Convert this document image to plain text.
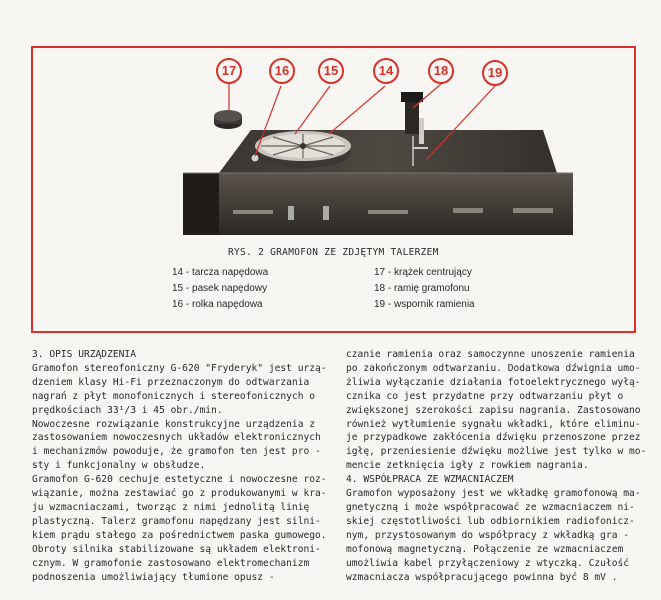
17	16	15	14	18	19
RYS. 2 GRAMOFON ZE ZDJĘTYM TALERZEM
14 - tarcza napędowa
15 - pasek napędowy
16 - rolka napędowa
17 - krążek centrujący
18 - ramię gramofonu
19 - wspornik ramienia
3. OPIS URZĄDZENIA
Gramofon stereofoniczny G-620 "Fryderyk" jest urzą-
dzeniem klasy Hi-Fi przeznaczonym do odtwarzania
nagrań z płyt monofonicznych i stereofonicznych o
prędkościach 33¹/3 i 45 obr./min.
Nowoczesne rozwiązanie konstrukcyjne urządzenia z
zastosowaniem nowoczesnych układów elektronicznych
i mechanizmów powoduje, że gramofon ten jest pro -
sty i funkcjonalny w obsłudze.
Gramofon G-620 cechuje estetyczne i nowoczesne roz-
wiązanie, można zestawiać go z produkowanymi w kra-
ju wzmacniaczami, tworząc z nimi jednolitą linię
plastyczną. Talerz gramofonu napędzany jest silni-
kiem prądu stałego za pośrednictwem paska gumowego.
Obroty silnika stabilizowane są układem elektroni-
cznym. W gramofonie zastosowano elektromechanizm
podnoszenia umożliwiający tłumione opusz -
czanie ramienia oraz samoczynne unoszenie ramienia
po zakończonym odtwarzaniu. Dodatkowa dźwignia umo-
żliwia wyłączanie działania fotoelektrycznego wyłą-
cznika co jest przydatne przy odtwarzaniu płyt o
zwiększonej szerokości zapisu nagrania. Zastosowano
również wytłumienie sygnału wkładki, które eliminu-
je przypadkowe zakłócenia dźwięku przenoszone przez
igłę, przeniesienie dźwięku możliwe jest tylko w mo-
mencie zetknięcia igły z rowkiem nagrania.
4. WSPÓŁPRACA ZE WZMACNIACZEM
Gramofon wyposażony jest we wkładkę gramofonową ma-
gnetyczną i może współpracować ze wzmacniaczem ni-
skiej częstotliwości lub odbiornikiem radiofonicz-
nym, przystosowanym do współpracy z wkładką gra -
mofonową magnetyczną. Połączenie ze wzmacniaczem
umożliwia kabel przyłączeniowy z wtyczką. Czułość
wzmacniacza współpracującego powinna być 8 mV .
